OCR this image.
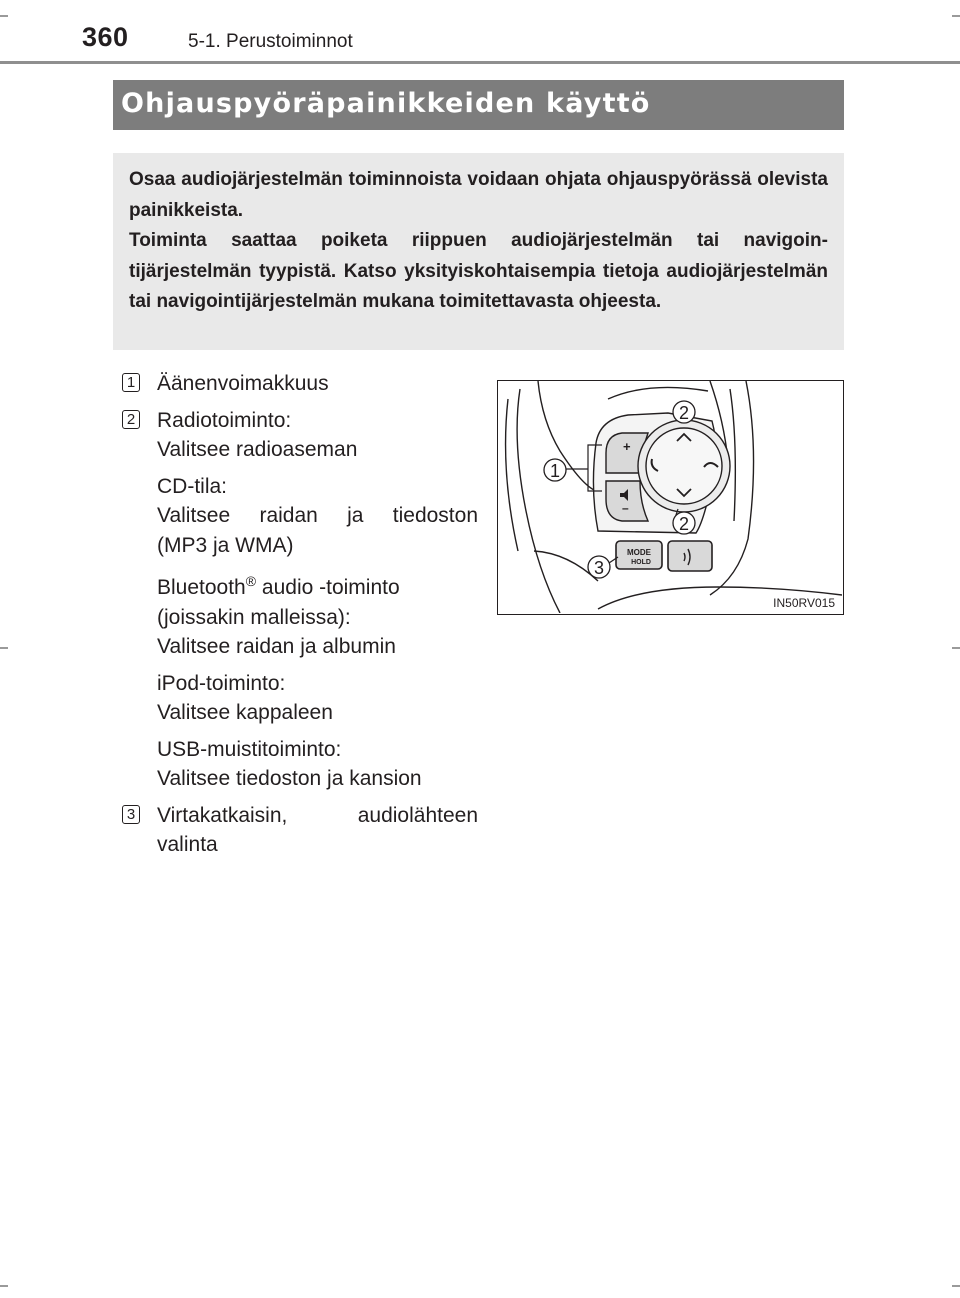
360	5-1. Perustoiminnot
Ohjauspyöräpainikkeiden käyttö

Osaa audiojärjestelmän toiminnoista voidaan ohjata ohjauspyörässä olevista painikkeista.

Toiminta saattaa poiketa riippuen audiojärjestelmän tai navigointijärjestelmän tyypistä. Katso yksityiskohtaisempia tietoja audiojärjestelmän tai navigointijärjestelmän mukana toimitettavasta ohjeesta.

1 Äänenvoimakkuus
2 Radiotoiminto:
Valitsee radioaseman
CD-tila:
Valitsee raidan ja tiedoston
(MP3 ja WMA)
Bluetooth® audio -toiminto
(joissakin malleissa):
Valitsee raidan ja albumin
iPod-toiminto:
Valitsee kappaleen
USB-muistitoiminto:
Valitsee tiedoston ja kansion
3 Virtakatkaisin, audiolähteen valinta
1
2
2
3
+
–
MODE
HOLD
IN50RV015
